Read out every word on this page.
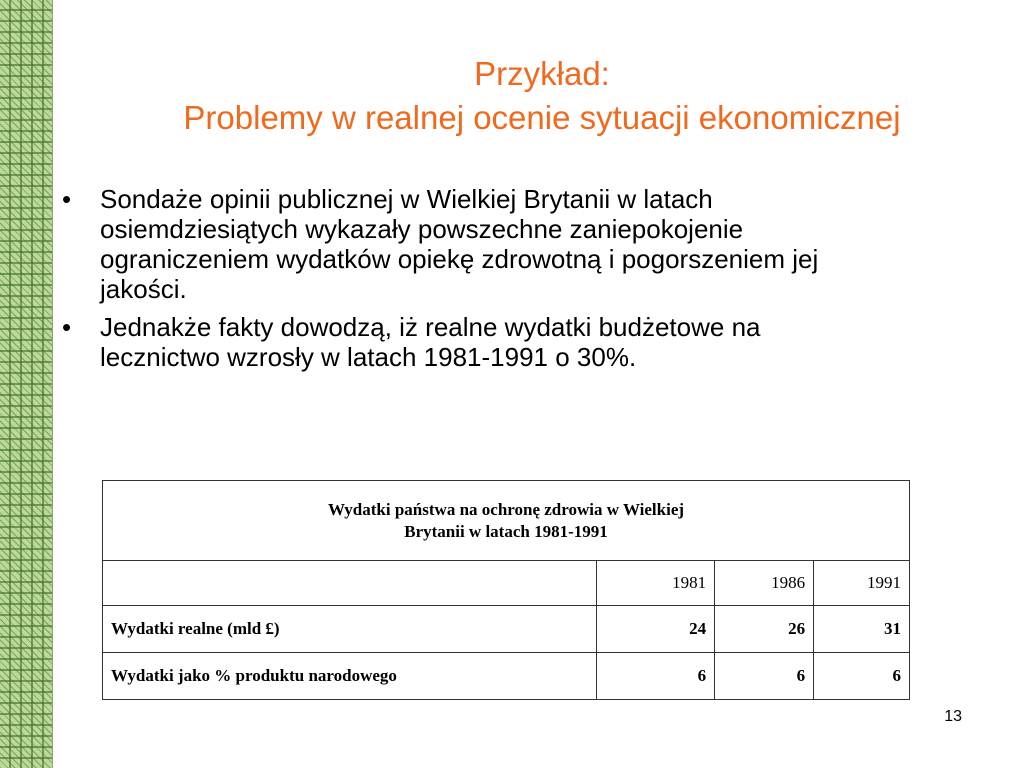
Przykład:
Problemy w realnej ocenie sytuacji ekonomicznej
• Sondaże opinii publicznej w Wielkiej Brytanii w latach osiemdziesiątych wykazały powszechne zaniepokojenie ograniczeniem wydatków opiekę zdrowotną i pogorszeniem jej jakości.
• Jednakże fakty dowodzą, iż realne wydatki budżetowe na lecznictwo wzrosły w latach 1981-1991 o 30%.
Wydatki państwa na ochronę zdrowia w Wielkiej
Brytanii w latach 1981-1991			
	1981	1986	1991
Wydatki realne (mld £)	24	26	31
Wydatki jako % produktu narodowego	6	6	6
13
